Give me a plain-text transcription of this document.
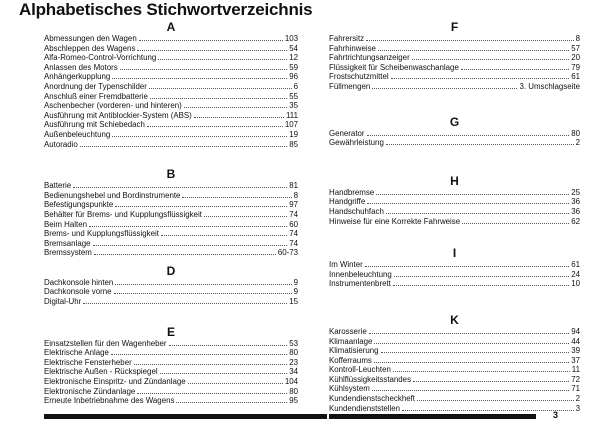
Alphabetisches Stichwortverzeichnis
A
Abmessungen den Wagen	103
Abschleppen des Wagens	54
Alfa-Romeo-Control-Vorrichtung	12
Anlassen des Motors	59
Anhängerkupplung	96
Anordnung der Typenschilder	6
Anschluß einer Fremdbatterie	55
Aschenbecher (vorderen- und hinteren)	35
Ausführung mit Antiblockier-System (ABS)	111
Ausführung mit Schiebedach	107
Außenbeleuchtung	19
Autoradio	85
B
Batterie	81
Bedienungshebel und Bordinstrumente	8
Befestigungspunkte	97
Behälter für Brems- und Kupplungsflüssigkeit	74
Beim Halten	60
Brems- und Kupplungsflüssigkeit	74
Bremsanlage	74
Bremssystem	60-73
D
Dachkonsole hinten	9
Dachkonsole vorne	9
Digital-Uhr	15
E
Einsatzstellen für den Wagenheber	53
Elektrische Anlage	80
Elektrische Fensterheber	23
Elektrische Außen - Rückspiegel	34
Elektronische Einspritz- und Zündanlage	104
Elektronische Zündanlage	80
Erneute Inbetriebnahme des Wagens	95
F
Fahrersitz	8
Fahrhinweise	57
Fahrtrichtungsanzeiger	20
Flüssigkeit für Scheibenwaschanlage	79
Frostschutzmittel	61
Füllmengen	3. Umschlagseite
G
Generator	80
Gewährleistung	2
H
Handbremse	25
Handgriffe	36
Handschuhfach	36
Hinweise für eine Korrekte Fahrweise	62
I
Im Winter	61
Innenbeleuchtung	24
Instrumentenbrett	10
K
Karosserie	94
Klimaanlage	44
Klimatisierung	39
Kofferraums	37
Kontroll-Leuchten	11
Kühlflüssigkeitsstandes	72
Kühlsystem	71
Kundendienstscheckheft	2
Kundendienststellen	3
3
